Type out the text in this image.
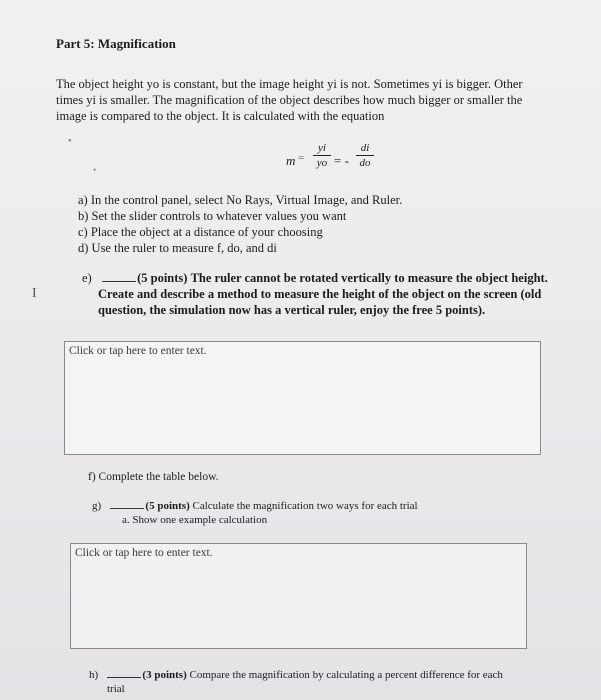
Part 5: Magnification
The object height yo is constant, but the image height yi is not. Sometimes yi is bigger. Other times yi is smaller. The magnification of the object describes how much bigger or smaller the image is compared to the object. It is calculated with the equation
•
m =
yi
yo = -
di
do
•
a) In the control panel, select No Rays, Virtual Image, and Ruler.
b) Set the slider controls to whatever values you want
c) Place the object at a distance of your choosing
d) Use the ruler to measure f, do, and di
I
e)	(5 points) The ruler cannot be rotated vertically to measure the object height.
Create and describe a method to measure the height of the object on the screen (old question, the simulation now has a vertical ruler, enjoy the free 5 points).
Click or tap here to enter text.
f) Complete the table below.
g)	(5 points) Calculate the magnification two ways for each trial
a. Show one example calculation
Click or tap here to enter text.
h)	(3 points) Compare the magnification by calculating a percent difference for each
trial
